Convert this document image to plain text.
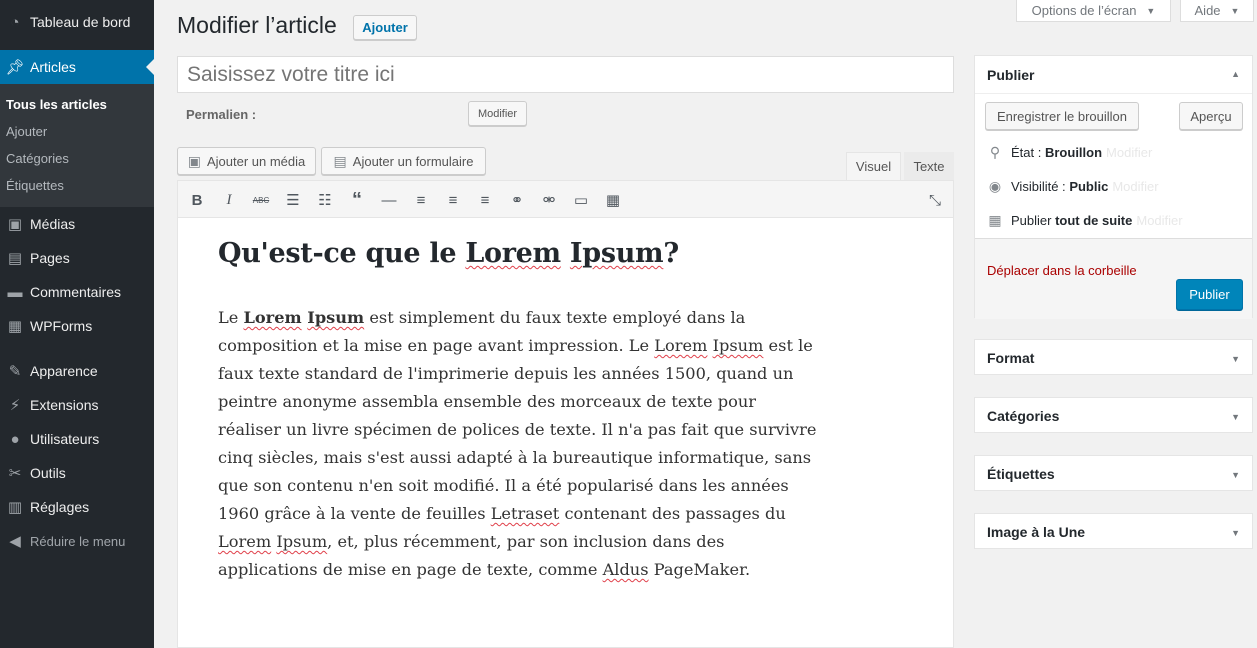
◔ Tableau de bord
📌︎ Articles
Tous les articles
Ajouter
Catégories
Étiquettes
▣ Médias
▤ Pages
▬ Commentaires
▦ WPForms
✎ Apparence
⚡︎ Extensions
● Utilisateurs
✂︎ Outils
▥ Réglages
◀ Réduire le menu
Options de l’écran ▼	Aide ▼
Modifier l’article	Ajouter
Saisissez votre titre ici
Permalien :	Modifier
▣ Ajouter un média ▤ Ajouter un formulaire	Visuel	Texte
B	I	ABC ☰ ☷	“	—	≡	≡	≡	⚭	⚮	▭ ▦	⤡
Qu'est-ce que le Lorem Ipsum?
Le Lorem Ipsum est simplement du faux texte employé dans la composition et la mise en page avant impression. Le Lorem Ipsum est le faux texte standard de l'imprimerie depuis les années 1500, quand un peintre anonyme assembla ensemble des morceaux de texte pour réaliser un livre spécimen de polices de texte. Il n'a pas fait que survivre cinq siècles, mais s'est aussi adapté à la bureautique informatique, sans que son contenu n'en soit modifié. Il a été popularisé dans les années 1960 grâce à la vente de feuilles Letraset contenant des passages du Lorem Ipsum, et, plus récemment, par son inclusion dans des applications de mise en page de texte, comme Aldus PageMaker.
Publier	▲
Enregistrer le brouillon	Aperçu
⚲ État :
Brouillon Modifier
◉ Visibilité :
Public Modifier
▦ Publier
tout de suite Modifier
Déplacer dans la corbeille
Publier
Format	▼
Catégories	▼
Étiquettes	▼
Image à la Une	▼
